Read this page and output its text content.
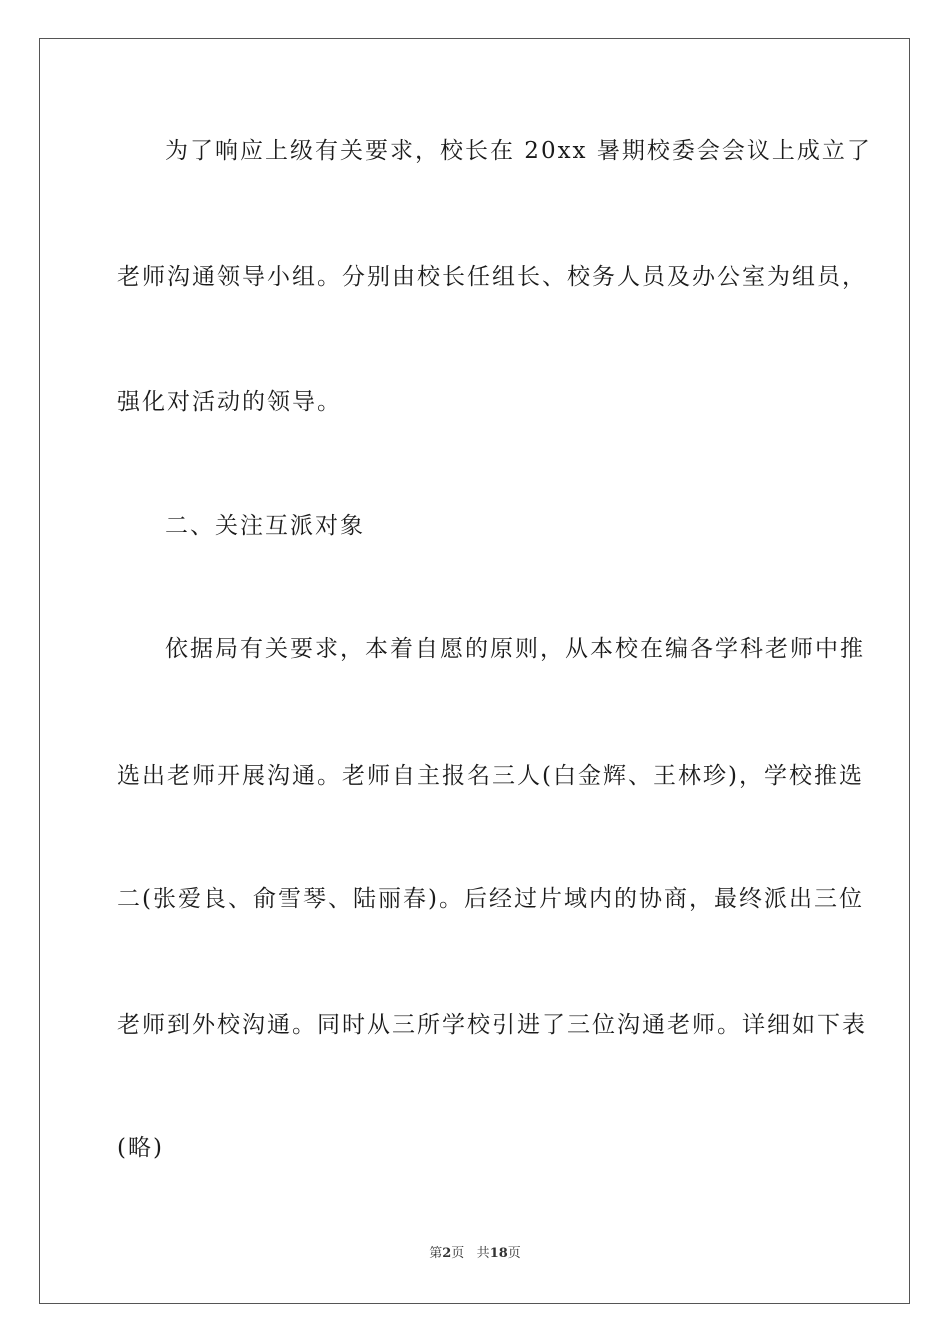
为了响应上级有关要求，校长在 20xx 暑期校委会会议上成立了
老师沟通领导小组。分别由校长任组长、校务人员及办公室为组员，
强化对活动的领导。
二、关注互派对象
依据局有关要求，本着自愿的原则，从本校在编各学科老师中推
选出老师开展沟通。老师自主报名三人(白金辉、王林珍)，学校推选
二(张爱良、俞雪琴、陆丽春)。后经过片域内的协商，最终派出三位
老师到外校沟通。同时从三所学校引进了三位沟通老师。详细如下表
(略)
第2页 共18页
